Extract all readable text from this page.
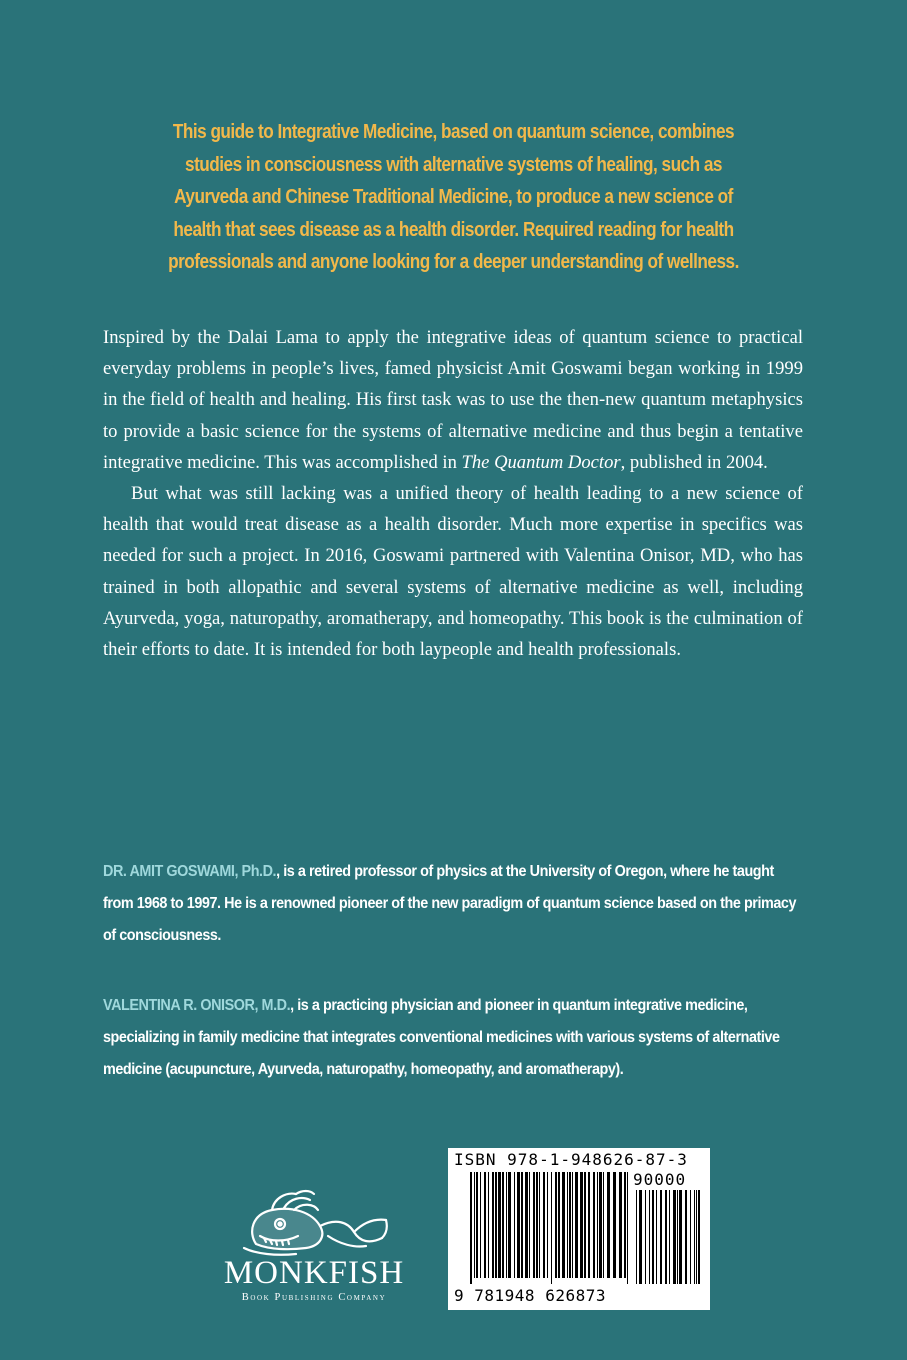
This guide to Integrative Medicine, based on quantum science, combines studies in consciousness with alternative systems of healing, such as Ayurveda and Chinese Traditional Medicine, to produce a new science of health that sees disease as a health disorder. Required reading for health professionals and anyone looking for a deeper understanding of wellness.

Inspired by the Dalai Lama to apply the integrative ideas of quantum science to practical everyday problems in people’s lives, famed physicist Amit Goswami began working in 1999 in the field of health and healing. His first task was to use the then-new quantum metaphysics to provide a basic science for the systems of alternative medicine and thus begin a tentative integrative medicine. This was accomplished in The Quantum Doctor, published in 2004.

But what was still lacking was a unified theory of health leading to a new science of health that would treat disease as a health disorder. Much more expertise in specifics was needed for such a project. In 2016, Goswami partnered with Valentina Onisor, MD, who has trained in both allopathic and several systems of alternative medicine as well, including Ayurveda, yoga, naturopathy, aromatherapy, and homeopathy. This book is the culmination of their efforts to date. It is intended for both laypeople and health professionals.

DR. AMIT GOSWAMI, Ph.D., is a retired professor of physics at the University of Oregon, where he taught from 1968 to 1997. He is a renowned pioneer of the new paradigm of quantum science based on the primacy of consciousness.

VALENTINA R. ONISOR, M.D., is a practicing physician and pioneer in quantum integrative medicine, specializing in family medicine that integrates conventional medicines with various systems of alternative medicine (acupuncture, Ayurveda, naturopathy, homeopathy, and aromatherapy).

MONKFISH
Book Publishing Company
ISBN 978-1-948626-87-3
90000
9 781948 626873
